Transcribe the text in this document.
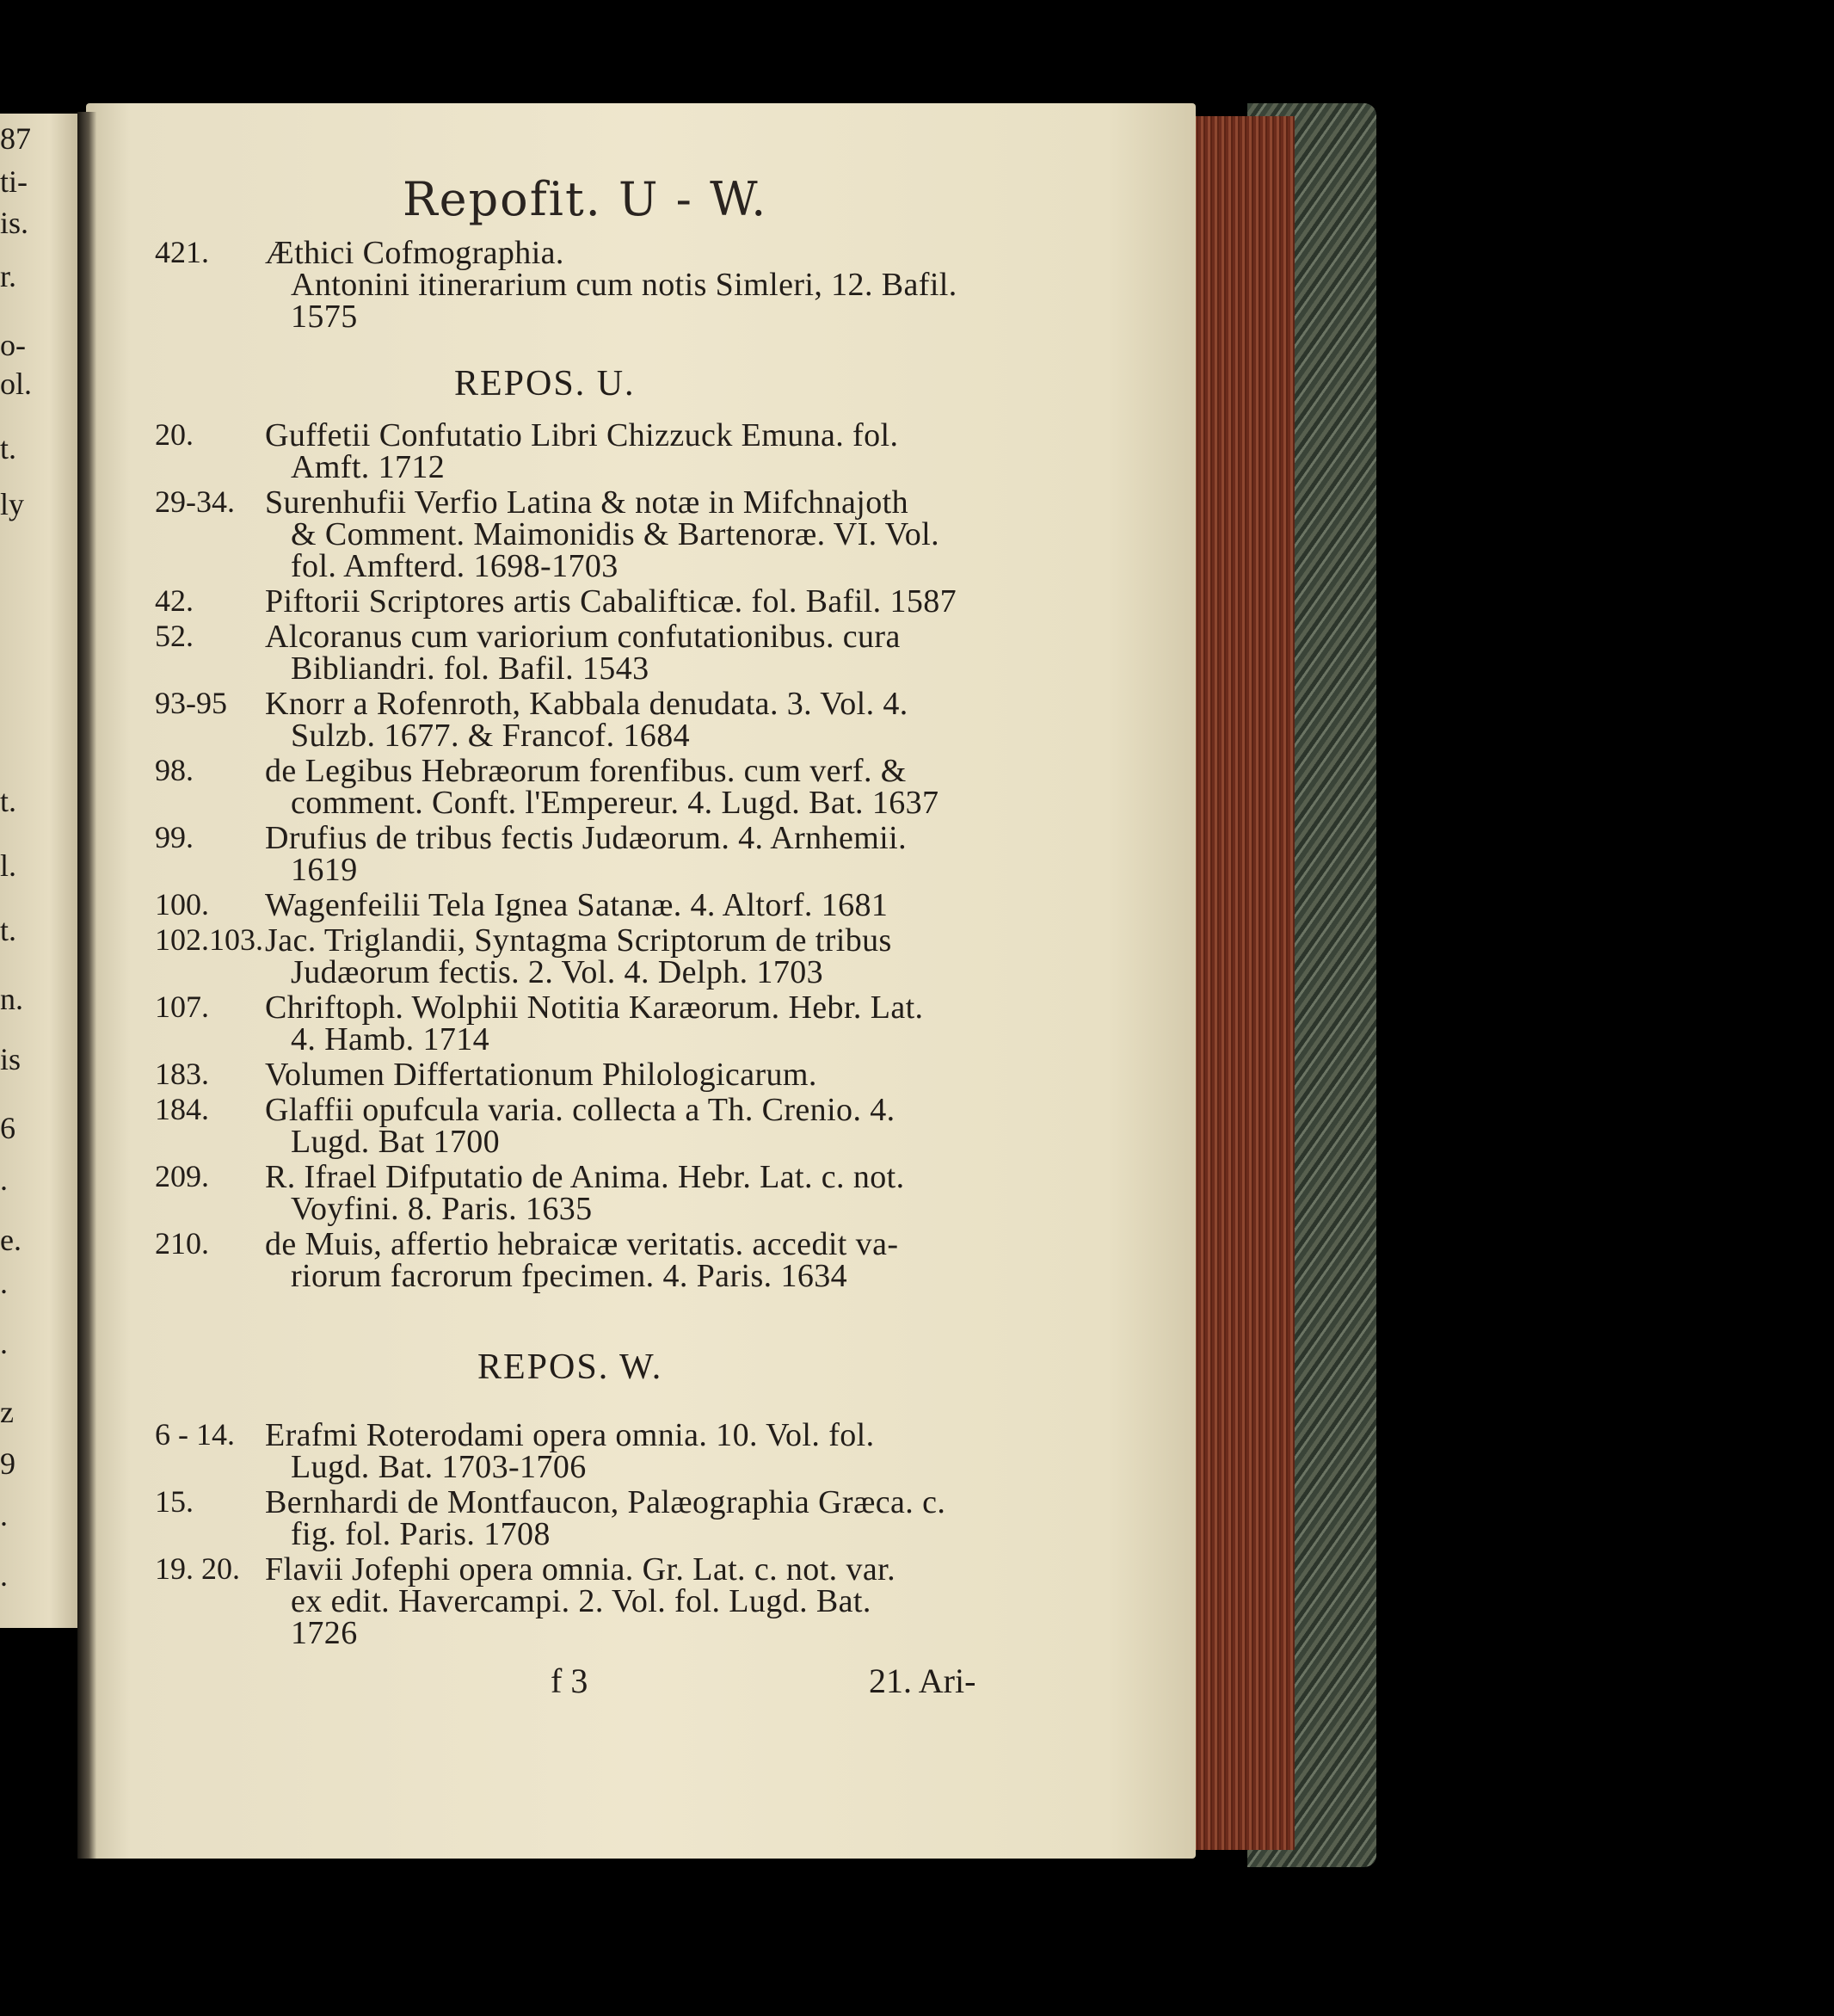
87
ti-
is.
r.
o-
ol.
t.
ly
t.
l.
t.
n.
is
6
.
e.
.
.
z
9
.
.
Repofit. U - W.
421. Æthici Cofmographia.
Antonini itinerarium cum notis Simleri, 12. Bafil.
1575
REPOS. U.
20. Guffetii Confutatio Libri Chizzuck Emuna. fol.
Amft. 1712
29-34. Surenhufii Verfio Latina & notæ in Mifchnajoth
& Comment. Maimonidis & Bartenoræ. VI. Vol.
fol. Amfterd. 1698-1703
42. Piftorii Scriptores artis Cabalifticæ. fol. Bafil. 1587
52. Alcoranus cum variorium confutationibus. cura
Bibliandri. fol. Bafil. 1543
93-95 Knorr a Rofenroth, Kabbala denudata. 3. Vol. 4.
Sulzb. 1677. & Francof. 1684
98. de Legibus Hebræorum forenfibus. cum verf. &
comment. Conft. l'Empereur. 4. Lugd. Bat. 1637
99. Drufius de tribus fectis Judæorum. 4. Arnhemii.
1619
100. Wagenfeilii Tela Ignea Satanæ. 4. Altorf. 1681
102.103. Jac. Triglandii, Syntagma Scriptorum de tribus
Judæorum fectis. 2. Vol. 4. Delph. 1703
107. Chriftoph. Wolphii Notitia Karæorum. Hebr. Lat.
4. Hamb. 1714
183. Volumen Differtationum Philologicarum.
184. Glaffii opufcula varia. collecta a Th. Crenio. 4.
Lugd. Bat 1700
209. R. Ifrael Difputatio de Anima. Hebr. Lat. c. not.
Voyfini. 8. Paris. 1635
210. de Muis, affertio hebraicæ veritatis. accedit va-
riorum facrorum fpecimen. 4. Paris. 1634
REPOS. W.
6 - 14. Erafmi Roterodami opera omnia. 10. Vol. fol.
Lugd. Bat. 1703-1706
15. Bernhardi de Montfaucon, Palæographia Græca. c.
fig. fol. Paris. 1708
19. 20. Flavii Jofephi opera omnia. Gr. Lat. c. not. var.
ex edit. Havercampi. 2. Vol. fol. Lugd. Bat.
1726
f 3	21. Ari-
